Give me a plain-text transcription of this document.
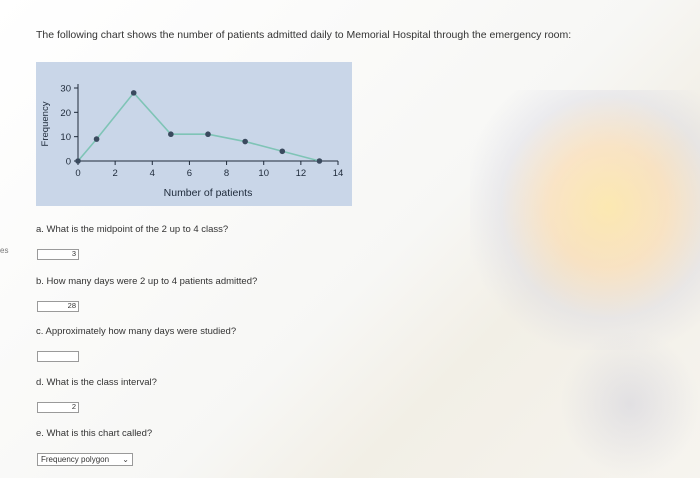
es
The following chart shows the number of patients admitted daily to Memorial Hospital through the emergency room:
0	2	4	6	8	10	12	14
0
10
20
30
Number of patients
Frequency
a. What is the midpoint of the 2 up to 4 class?
3
b. How many days were 2 up to 4 patients admitted?
28
c. Approximately how many days were studied?
d. What is the class interval?
2
e. What is this chart called?
Frequency polygon ⌄
